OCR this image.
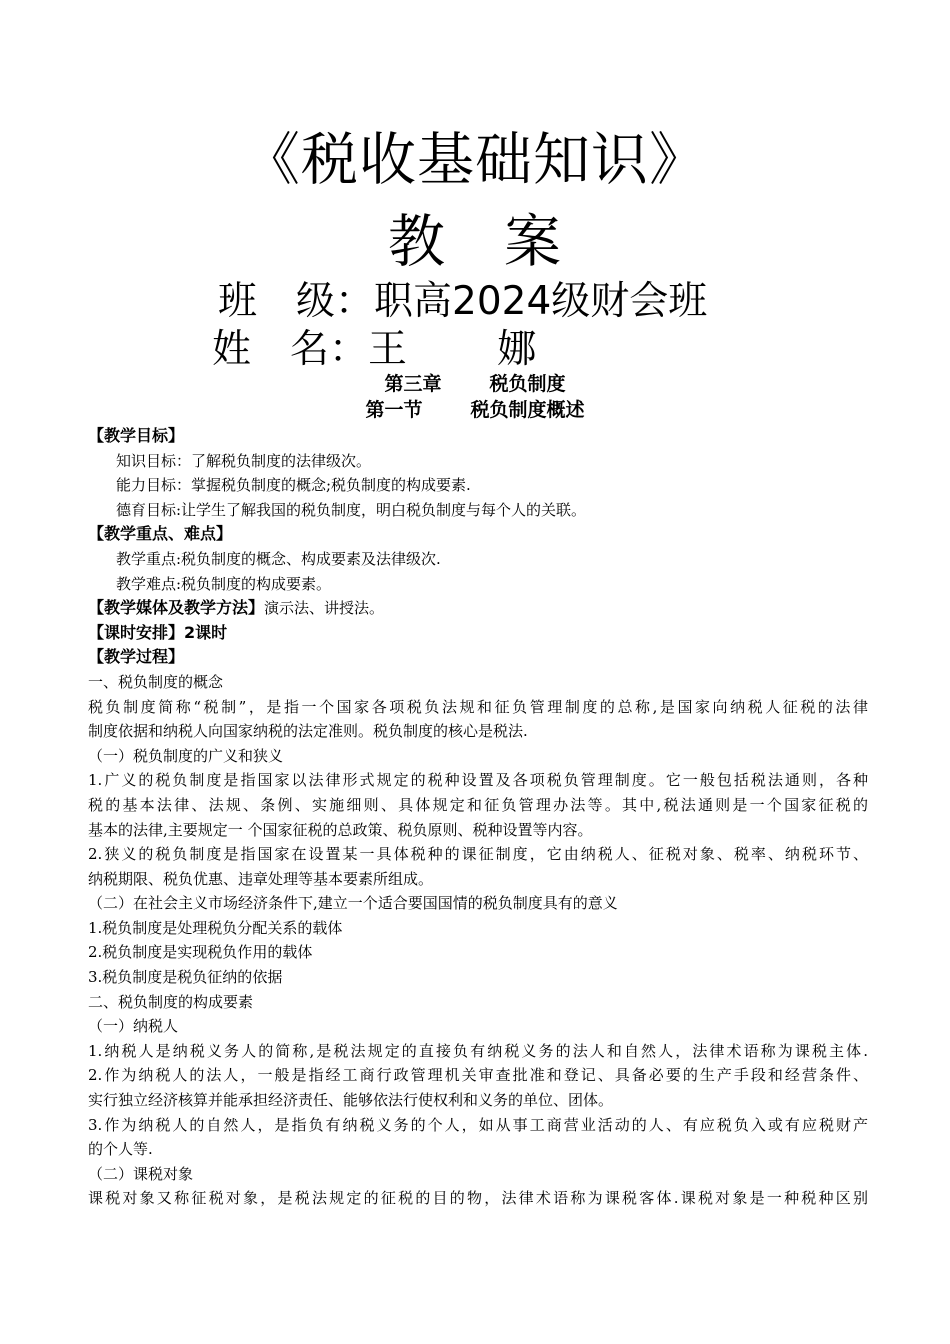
《税收基础知识》
教　案
班　级：职高2024级财会班
姓　名：王　　 娜
第三章	税负制度
第一节	税负制度概述
【教学目标】
知识目标：了解税负制度的法律级次。
能力目标：掌握税负制度的概念;税负制度的构成要素.
德育目标:让学生了解我国的税负制度，明白税负制度与每个人的关联。
【教学重点、难点】
教学重点:税负制度的概念、构成要素及法律级次.
教学难点:税负制度的构成要素。
【教学媒体及教学方法】演示法、讲授法。
【课时安排】2课时
【教学过程】
一、税负制度的概念
税负制度简称“税制”，是指一个国家各项税负法规和征负管理制度的总称,是国家向纳税人征税的法律
制度依据和纳税人向国家纳税的法定准则。税负制度的核心是税法.
（一）税负制度的广义和狭义
1.广义的税负制度是指国家以法律形式规定的税种设置及各项税负管理制度。它一般包括税法通则，各种
税的基本法律、法规、条例、实施细则、具体规定和征负管理办法等。其中,税法通则是一个国家征税的
基本的法律,主要规定一 个国家征税的总政策、税负原则、税种设置等内容。
2.狭义的税负制度是指国家在设置某一具体税种的课征制度，它由纳税人、征税对象、税率、纳税环节、
纳税期限、税负优惠、违章处理等基本要素所组成。
（二）在社会主义市场经济条件下,建立一个适合要国国情的税负制度具有的意义
1.税负制度是处理税负分配关系的载体
2.税负制度是实现税负作用的载体
3.税负制度是税负征纳的依据
二、税负制度的构成要素
（一）纳税人
1.纳税人是纳税义务人的简称,是税法规定的直接负有纳税义务的法人和自然人，法律术语称为课税主体.
2.作为纳税人的法人，一般是指经工商行政管理机关审查批准和登记、具备必要的生产手段和经营条件、
实行独立经济核算并能承担经济责任、能够依法行使权利和义务的单位、团体。
3.作为纳税人的自然人，是指负有纳税义务的个人，如从事工商营业活动的人、有应税负入或有应税财产
的个人等.
（二）课税对象
课税对象又称征税对象，是税法规定的征税的目的物，法律术语称为课税客体.课税对象是一种税种区别
